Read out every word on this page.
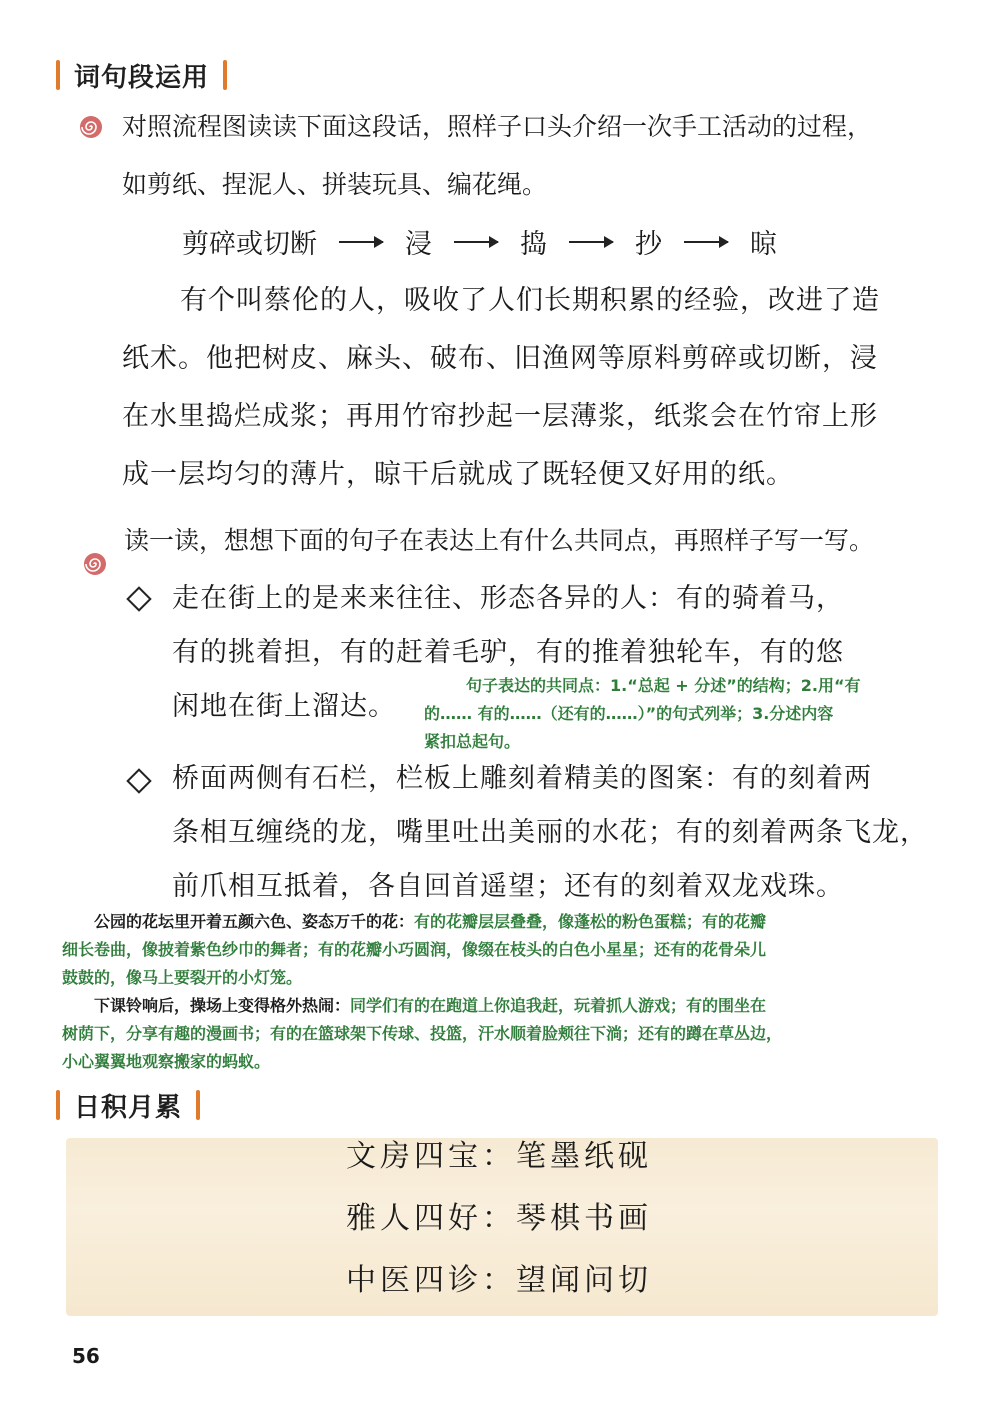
词句段运用
对照流程图读读下面这段话，照样子口头介绍一次手工活动的过程，
如剪纸、捏泥人、拼装玩具、编花绳。
剪碎或切断	浸	捣	抄	晾
有个叫蔡伦的人，吸收了人们长期积累的经验，改进了造
纸术。他把树皮、麻头、破布、旧渔网等原料剪碎或切断，浸
在水里捣烂成浆；再用竹帘抄起一层薄浆，纸浆会在竹帘上形
成一层均匀的薄片，晾干后就成了既轻便又好用的纸。
读一读，想想下面的句子在表达上有什么共同点，再照样子写一写。
走在街上的是来来往往、形态各异的人：有的骑着马，
有的挑着担，有的赶着毛驴，有的推着独轮车，有的悠
闲地在街上溜达。
句子表达的共同点：1.“总起 + 分述”的结构；2.用“有
的…… 有的……（还有的……）”的句式列举；3.分述内容
紧扣总起句。
桥面两侧有石栏，栏板上雕刻着精美的图案：有的刻着两
条相互缠绕的龙，嘴里吐出美丽的水花；有的刻着两条飞龙，
前爪相互抵着，各自回首遥望；还有的刻着双龙戏珠。
公园的花坛里开着五颜六色、姿态万千的花：有的花瓣层层叠叠，像蓬松的粉色蛋糕；有的花瓣
细长卷曲，像披着紫色纱巾的舞者；有的花瓣小巧圆润，像缀在枝头的白色小星星；还有的花骨朵儿
鼓鼓的，像马上要裂开的小灯笼。
下课铃响后，操场上变得格外热闹：同学们有的在跑道上你追我赶，玩着抓人游戏；有的围坐在
树荫下，分享有趣的漫画书；有的在篮球架下传球、投篮，汗水顺着脸颊往下淌；还有的蹲在草丛边，
小心翼翼地观察搬家的蚂蚁。
日积月累
文房四宝：笔墨纸砚
雅人四好：琴棋书画
中医四诊：望闻问切
56
